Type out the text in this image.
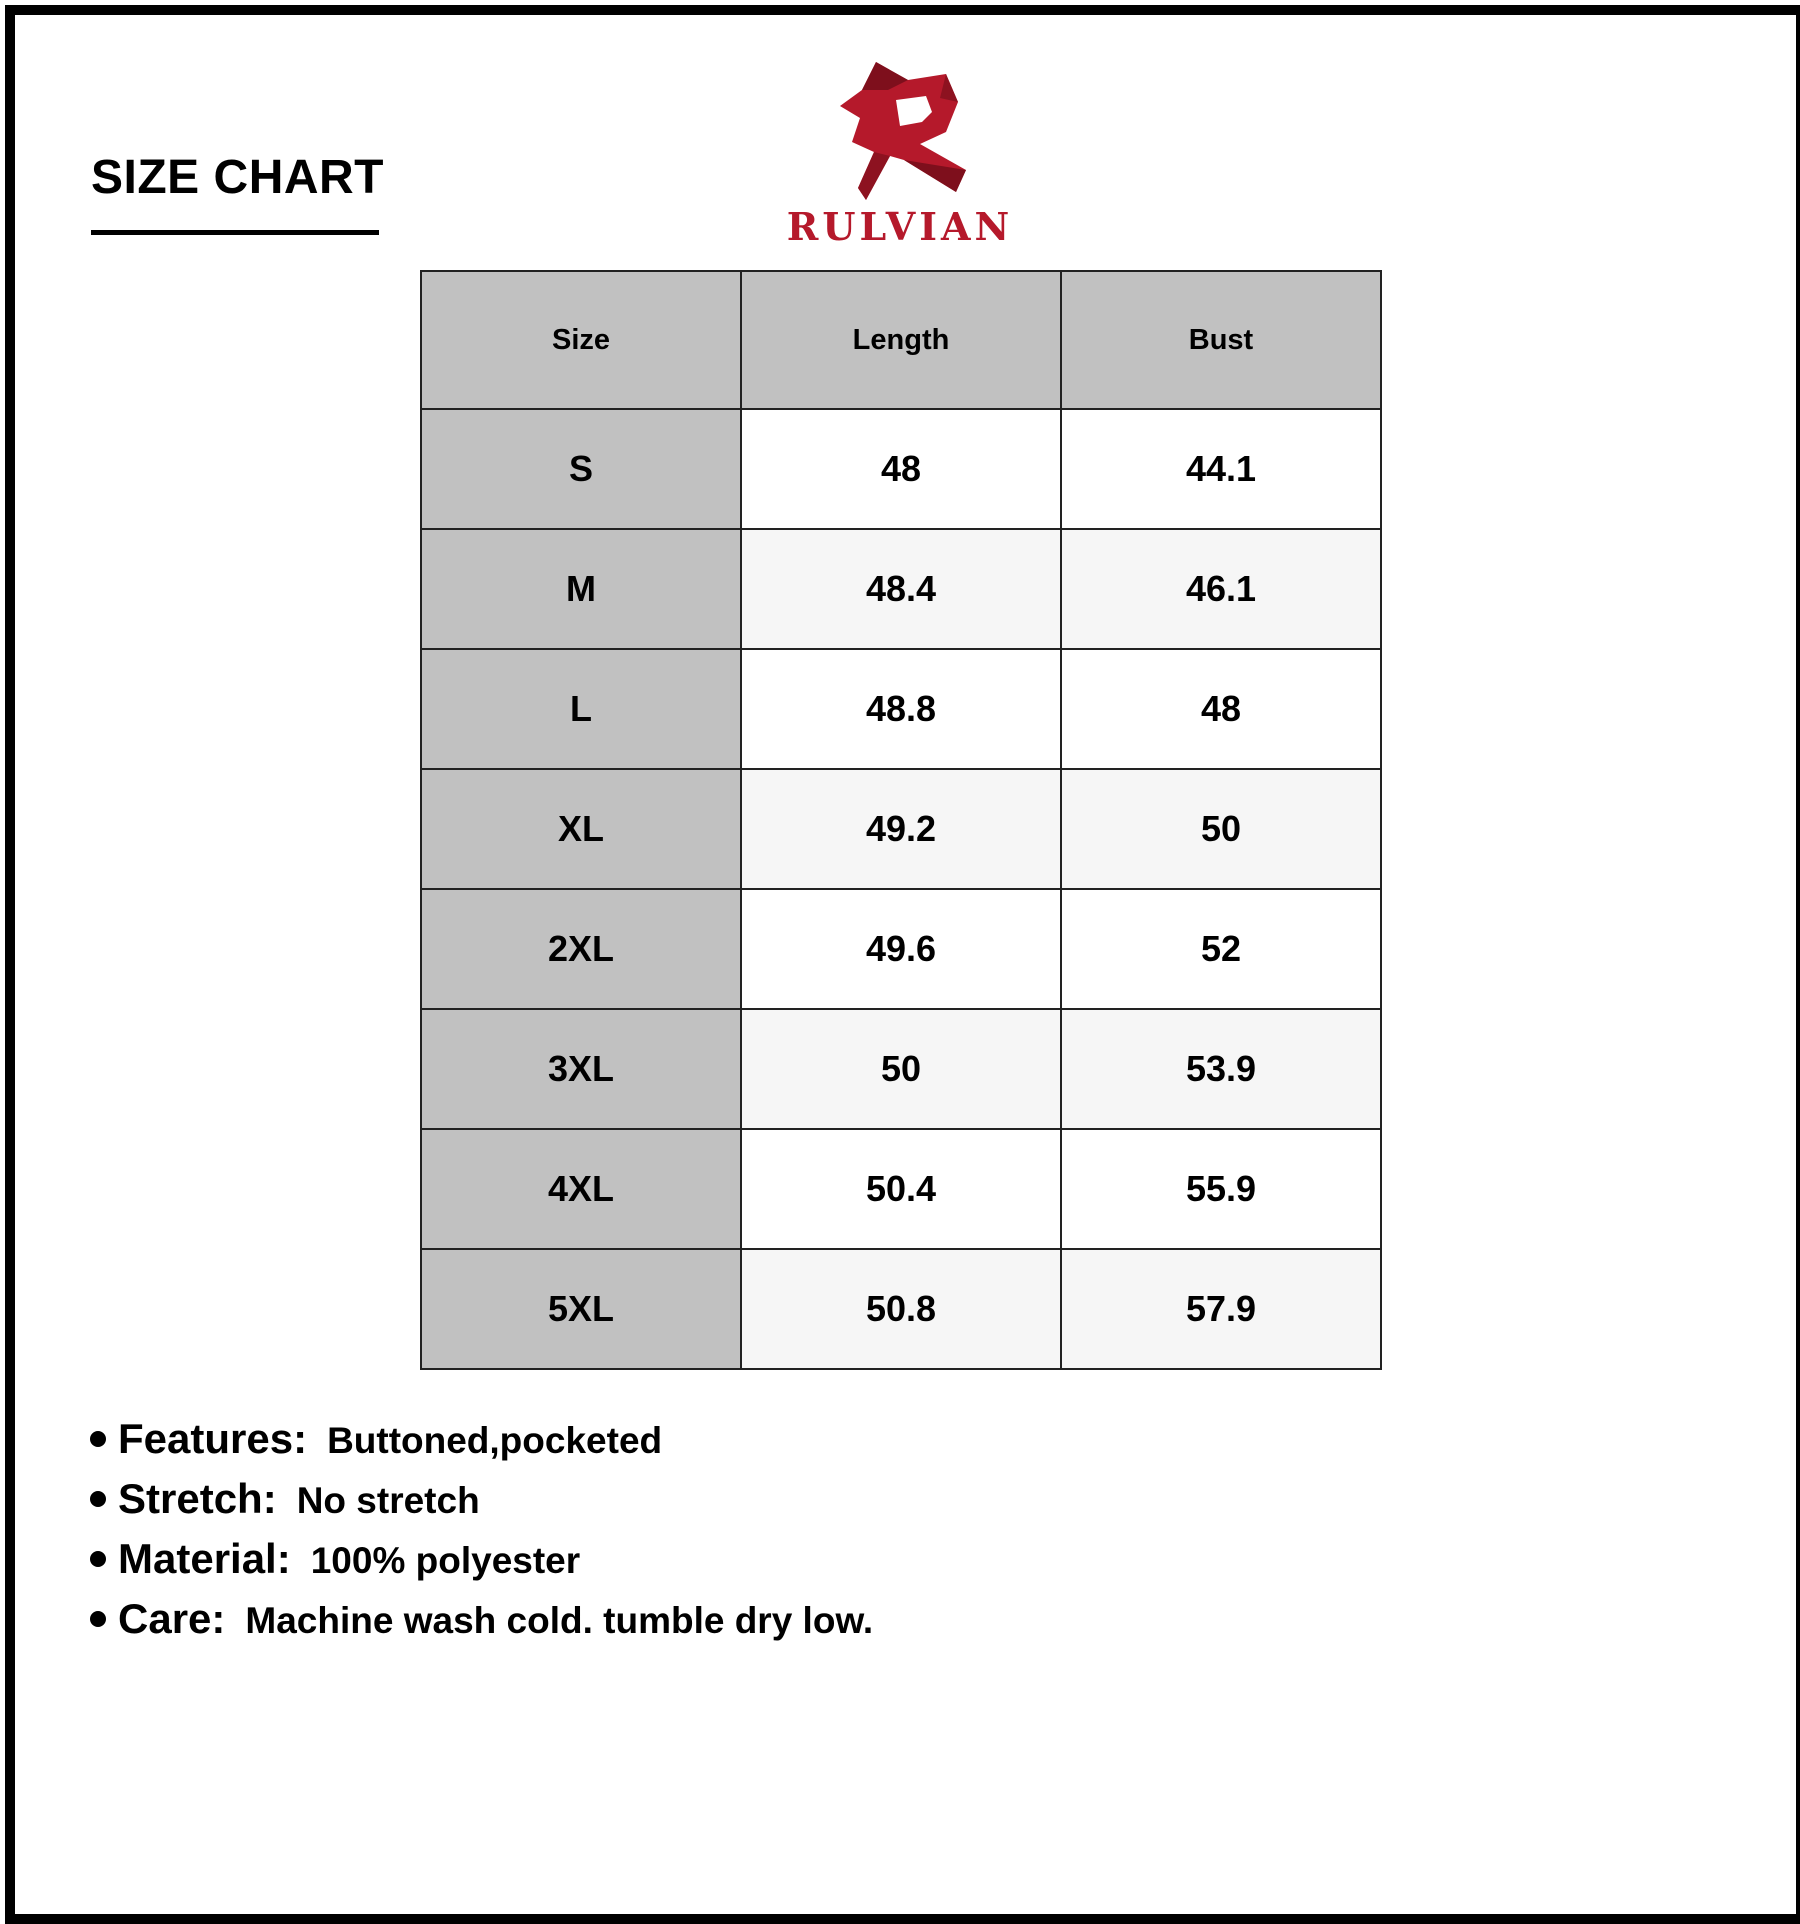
SIZE CHART
RULVIAN
Size	Length	Bust
S	48	44.1
M	48.4	46.1
L	48.8	48
XL	49.2	50
2XL	49.6	52
3XL	50	53.9
4XL	50.4	55.9
5XL	50.8	57.9
Features: Buttoned,pocketed
Stretch: No stretch
Material: 100% polyester
Care: Machine wash cold. tumble dry low.
